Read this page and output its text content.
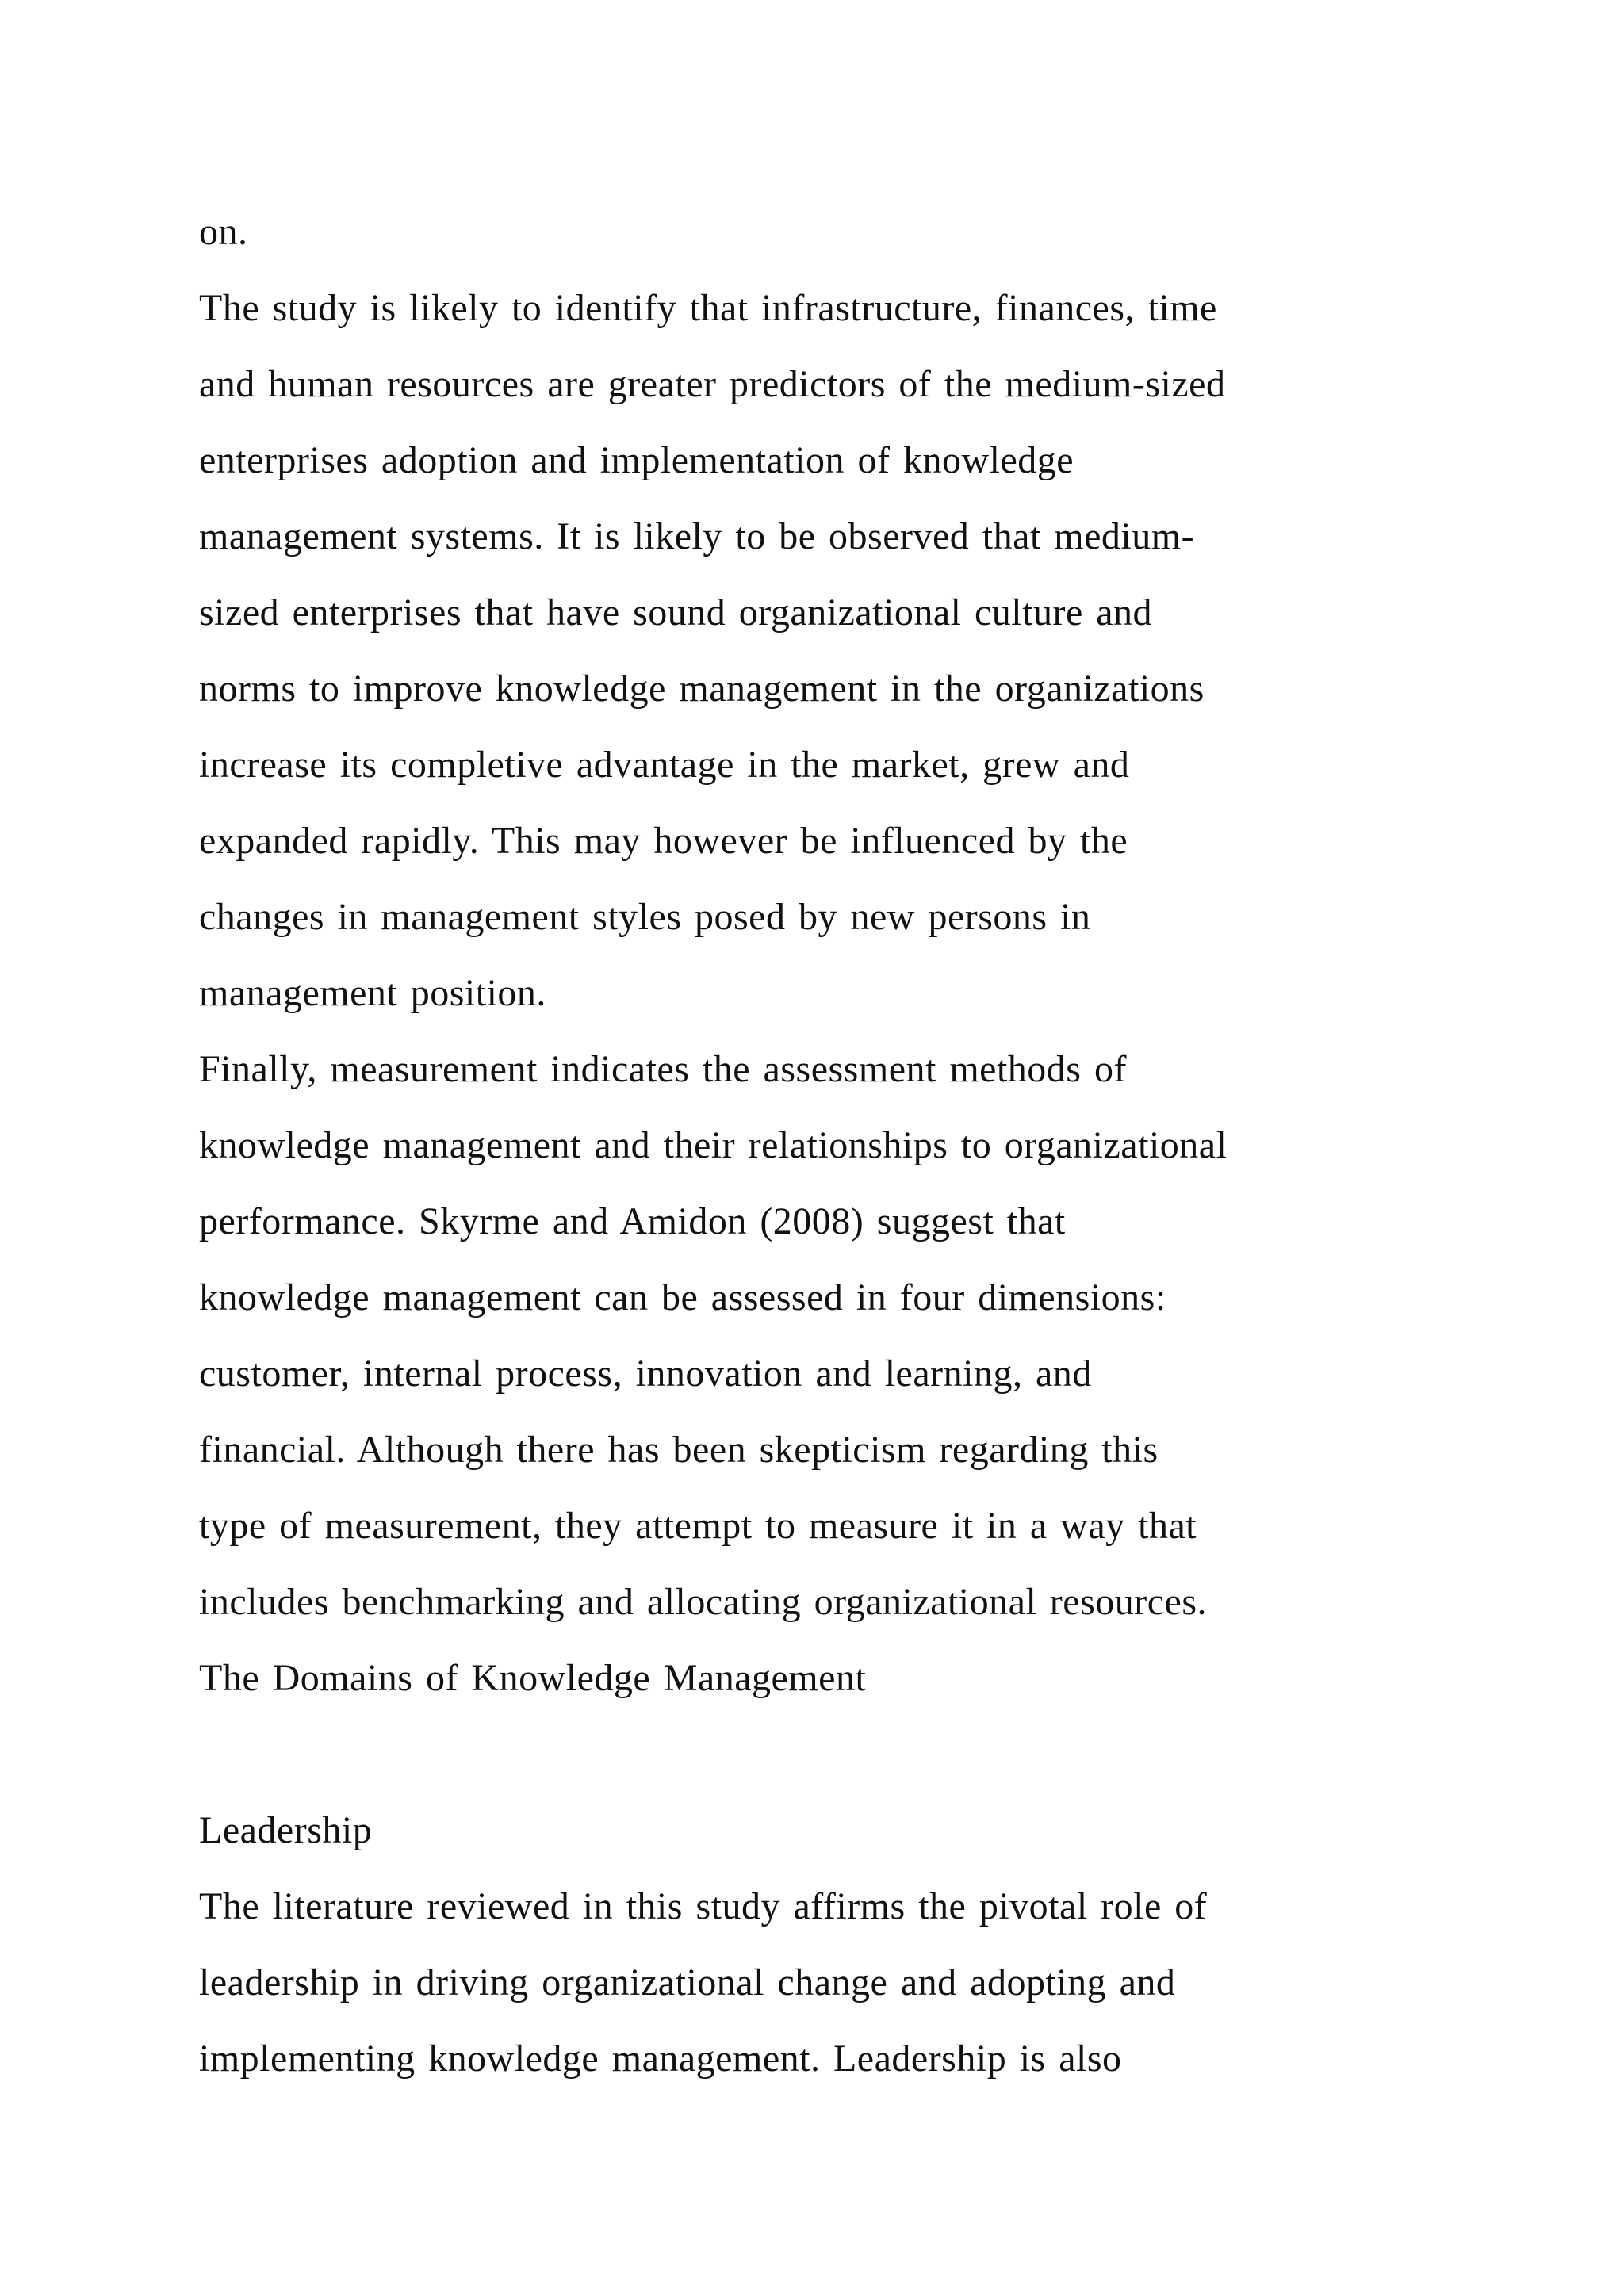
on.
The study is likely to identify that infrastructure, finances, time
and human resources are greater predictors of the medium-sized
enterprises adoption and implementation of knowledge
management systems. It is likely to be observed that medium-
sized enterprises that have sound organizational culture and
norms to improve knowledge management in the organizations
increase its completive advantage in the market, grew and
expanded rapidly. This may however be influenced by the
changes in management styles posed by new persons in
management position.
Finally, measurement indicates the assessment methods of
knowledge management and their relationships to organizational
performance. Skyrme and Amidon (2008) suggest that
knowledge management can be assessed in four dimensions:
customer, internal process, innovation and learning, and
financial. Although there has been skepticism regarding this
type of measurement, they attempt to measure it in a way that
includes benchmarking and allocating organizational resources.
The Domains of Knowledge Management
Leadership
The literature reviewed in this study affirms the pivotal role of
leadership in driving organizational change and adopting and
implementing knowledge management. Leadership is also
